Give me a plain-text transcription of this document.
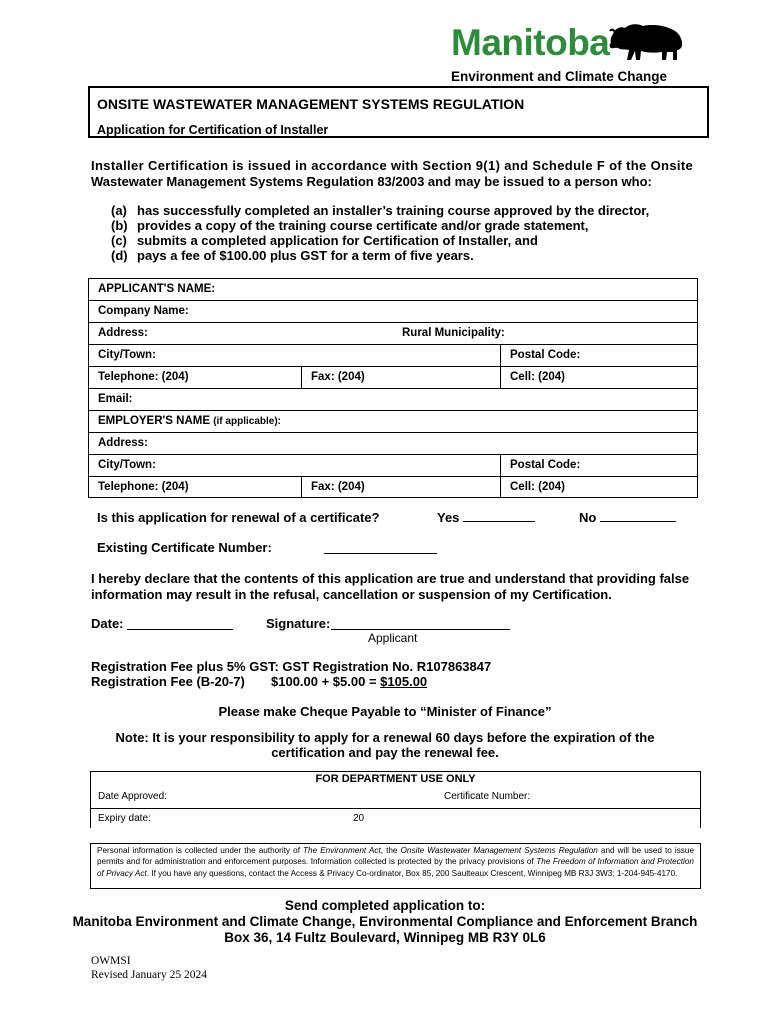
Manitoba
Environment and Climate Change
ONSITE WASTEWATER MANAGEMENT SYSTEMS REGULATION
Application for Certification of Installer
Installer Certification is issued in accordance with Section 9(1) and Schedule F of the Onsite
Wastewater Management Systems Regulation 83/2003 and may be issued to a person who:
(a) has successfully completed an installer’s training course approved by the director,
(b) provides a copy of the training course certificate and/or grade statement,
(c) submits a completed application for Certification of Installer, and
(d) pays a fee of $100.00 plus GST for a term of five years.
APPLICANT'S NAME:
Company Name:
Address:	Rural Municipality:
City/Town:	Postal Code:
Telephone: (204)	Fax: (204)	Cell: (204)
Email:
EMPLOYER'S NAME (if applicable):
Address:
City/Town:	Postal Code:
Telephone: (204)	Fax: (204)	Cell: (204)
Is this application for renewal of a certificate?	Yes	No
Existing Certificate Number:
I hereby declare that the contents of this application are true and understand that providing false
information may result in the refusal, cancellation or suspension of my Certification.
Date:	Signature:
Applicant
Registration Fee plus 5% GST: GST Registration No. R107863847
Registration Fee (B-20-7) $100.00 + $5.00 = $105.00
Please make Cheque Payable to “Minister of Finance”
Note: It is your responsibility to apply for a renewal 60 days before the expiration of the
certification and pay the renewal fee.
FOR DEPARTMENT USE ONLY
Date Approved:	Certificate Number:
Expiry date:	20
Personal information is collected under the authority of The Environment Act, the Onsite Wastewater Management Systems Regulation and will be used to issue permits and for administration and enforcement purposes. Information collected is protected by the privacy provisions of The Freedom of Information and Protection of Privacy Act. If you have any questions, contact the Access & Privacy Co-ordinator, Box 85, 200 Saulteaux Crescent, Winnipeg MB R3J 3W3; 1-204-945-4170.
Send completed application to:
Manitoba Environment and Climate Change, Environmental Compliance and Enforcement Branch
Box 36, 14 Fultz Boulevard, Winnipeg MB R3Y 0L6
OWMSI
Revised January 25 2024
